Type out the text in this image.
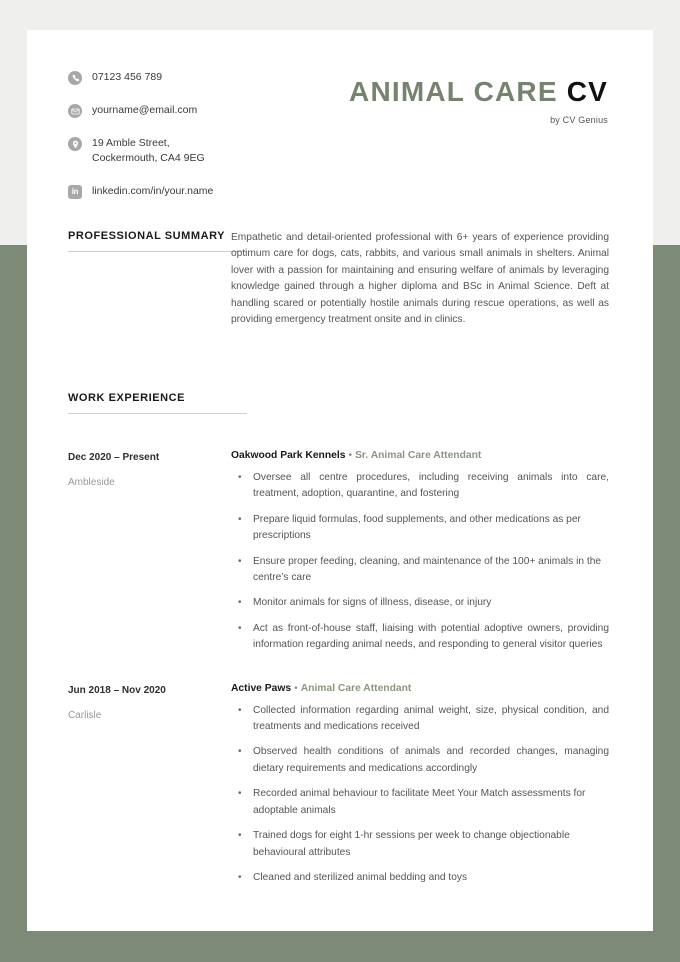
07123 456 789
yourname@email.com
19 Amble Street,
Cockermouth, CA4 9EG
in linkedin.com/in/your.name
ANIMAL CARE CV
by CV Genius
PROFESSIONAL SUMMARY Empathetic and detail-oriented professional with 6+ years of experience providing optimum care for dogs, cats, rabbits, and various small animals in shelters. Animal lover with a passion for maintaining and ensuring welfare of animals by leveraging knowledge gained through a higher diploma and BSc in Animal Science. Deft at handling scared or potentially hostile animals during rescue operations, as well as providing emergency treatment onsite and in clinics.
WORK EXPERIENCE
Dec 2020 – Present
Ambleside
Oakwood Park Kennels • Sr. Animal Care Attendant
•	Oversee all centre procedures, including receiving animals into care, treatment, adoption, quarantine, and fostering
•	Prepare liquid formulas, food supplements, and other medications as per prescriptions
•	Ensure proper feeding, cleaning, and maintenance of the 100+ animals in the centre’s care
•	Monitor animals for signs of illness, disease, or injury
•	Act as front-of-house staff, liaising with potential adoptive owners, providing information regarding animal needs, and responding to general visitor queries
Jun 2018 – Nov 2020
Carlisle
Active Paws • Animal Care Attendant
•	Collected information regarding animal weight, size, physical condition, and treatments and medications received
•	Observed health conditions of animals and recorded changes, managing dietary requirements and medications accordingly
•	Recorded animal behaviour to facilitate Meet Your Match assessments for adoptable animals
•	Trained dogs for eight 1-hr sessions per week to change objectionable behavioural attributes
•	Cleaned and sterilized animal bedding and toys
